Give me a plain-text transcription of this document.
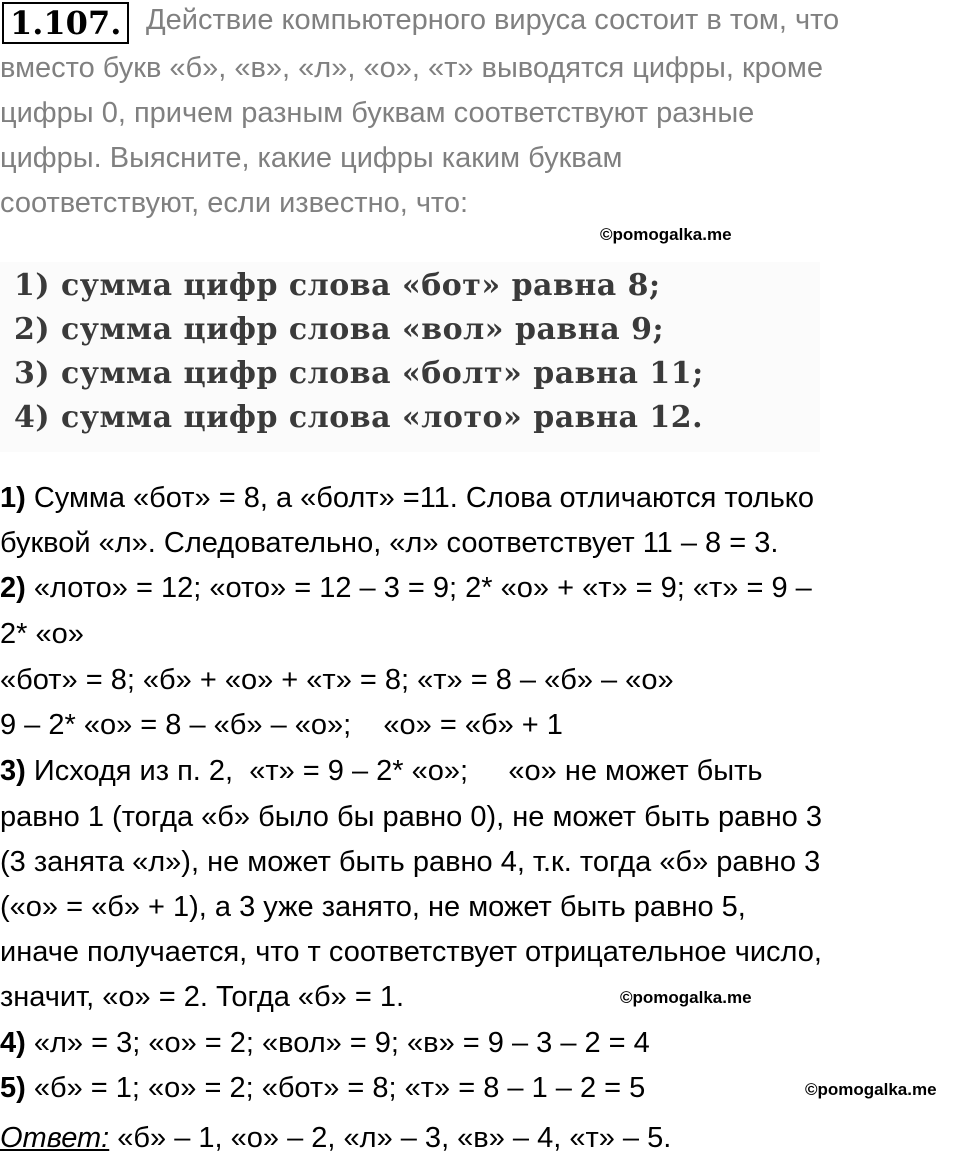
1.107. Действие компьютерного вируса состоит в том, что
вместо букв «б», «в», «л», «о», «т» выводятся цифры, кроме
цифры 0, причем разным буквам соответствуют разные
цифры. Выясните, какие цифры каким буквам
соответствуют, если известно, что:
©pomogalka.me
1) сумма цифр слова «бот» равна 8;
2) сумма цифр слова «вол» равна 9;
3) сумма цифр слова «болт» равна 11;
4) сумма цифр слова «лото» равна 12.
1) Сумма «бот» = 8, а «болт» =11. Слова отличаются только
буквой «л». Следовательно, «л» соответствует 11 – 8 = 3.
2) «лото» = 12; «ото» = 12 – 3 = 9; 2* «о» + «т» = 9; «т» = 9 –
2* «о»
«бот» = 8; «б» + «о» + «т» = 8; «т» = 8 – «б» – «о»
9 – 2* «о» = 8 – «б» – «о»;    «о» = «б» + 1
3) Исходя из п. 2,  «т» = 9 – 2* «о»;     «о» не может быть
равно 1 (тогда «б» было бы равно 0), не может быть равно 3
(3 занята «л»), не может быть равно 4, т.к. тогда «б» равно 3
(«о» = «б» + 1), а 3 уже занято, не может быть равно 5,
иначе получается, что т соответствует отрицательное число,
значит, «о» = 2. Тогда «б» = 1.
4) «л» = 3; «о» = 2; «вол» = 9; «в» = 9 – 3 – 2 = 4
5) «б» = 1; «о» = 2; «бот» = 8; «т» = 8 – 1 – 2 = 5
©pomogalka.me
©pomogalka.me
Ответ: «б» – 1, «о» – 2, «л» – 3, «в» – 4, «т» – 5.
